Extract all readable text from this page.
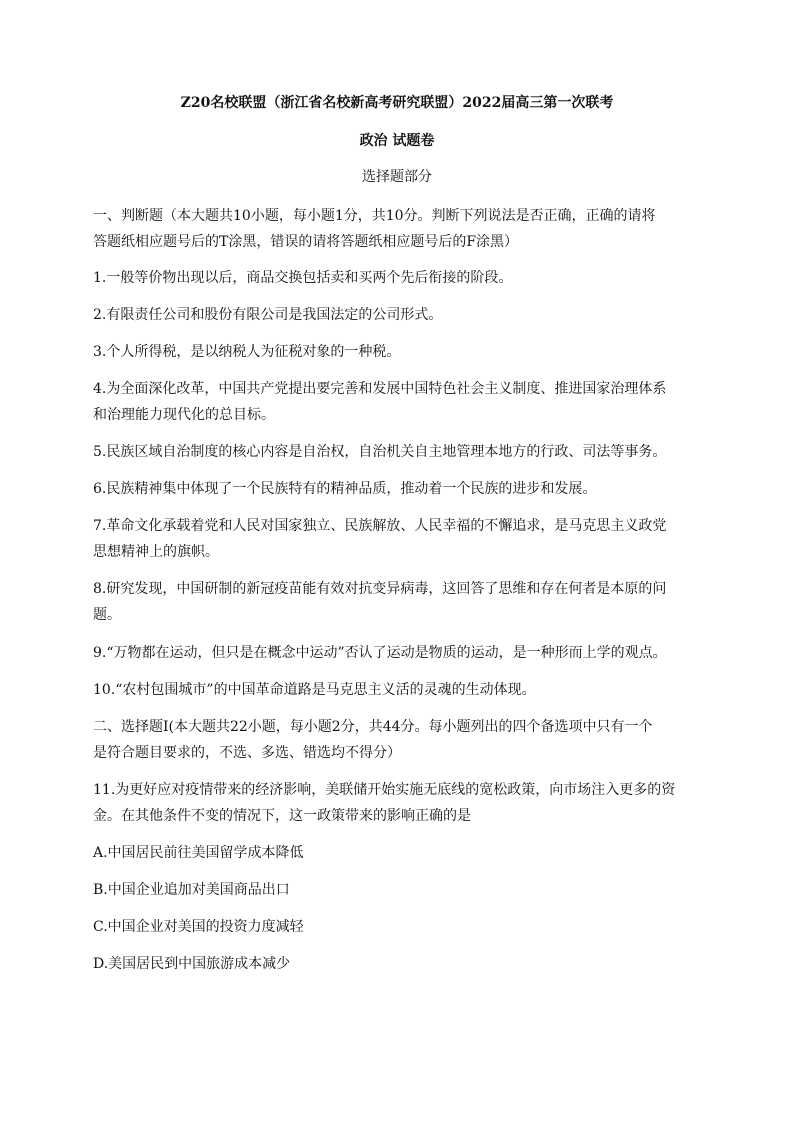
Z20名校联盟（浙江省名校新高考研究联盟）2022届高三第一次联考
政治 试题卷
选择题部分
一、判断题（本大题共10小题，每小题1分，共10分。判断下列说法是否正确，正确的请将
答题纸相应题号后的T涂黑，错误的请将答题纸相应题号后的F涂黑）
1.一般等价物出现以后，商品交换包括卖和买两个先后衔接的阶段。
2.有限责任公司和股份有限公司是我国法定的公司形式。
3.个人所得税，是以纳税人为征税对象的一种税。
4.为全面深化改革，中国共产党提出要完善和发展中国特色社会主义制度、推进国家治理体系
和治理能力现代化的总目标。
5.民族区域自治制度的核心内容是自治权，自治机关自主地管理本地方的行政、司法等事务。
6.民族精神集中体现了一个民族特有的精神品质，推动着一个民族的进步和发展。
7.革命文化承载着党和人民对国家独立、民族解放、人民幸福的不懈追求，是马克思主义政党
思想精神上的旗帜。
8.研究发现，中国研制的新冠疫苗能有效对抗变异病毒，这回答了思维和存在何者是本原的问
题。
9.“万物都在运动，但只是在概念中运动”否认了运动是物质的运动，是一种形而上学的观点。
10.“农村包围城市”的中国革命道路是马克思主义活的灵魂的生动体现。
二、选择题Ⅰ(本大题共22小题，每小题2分，共44分。每小题列出的四个备选项中只有一个
是符合题目要求的，不选、多选、错选均不得分）
11.为更好应对疫情带来的经济影响，美联储开始实施无底线的宽松政策，向市场注入更多的资
金。在其他条件不变的情况下，这一政策带来的影响正确的是
A.中国居民前往美国留学成本降低
B.中国企业追加对美国商品出口
C.中国企业对美国的投资力度减轻
D.美国居民到中国旅游成本减少
